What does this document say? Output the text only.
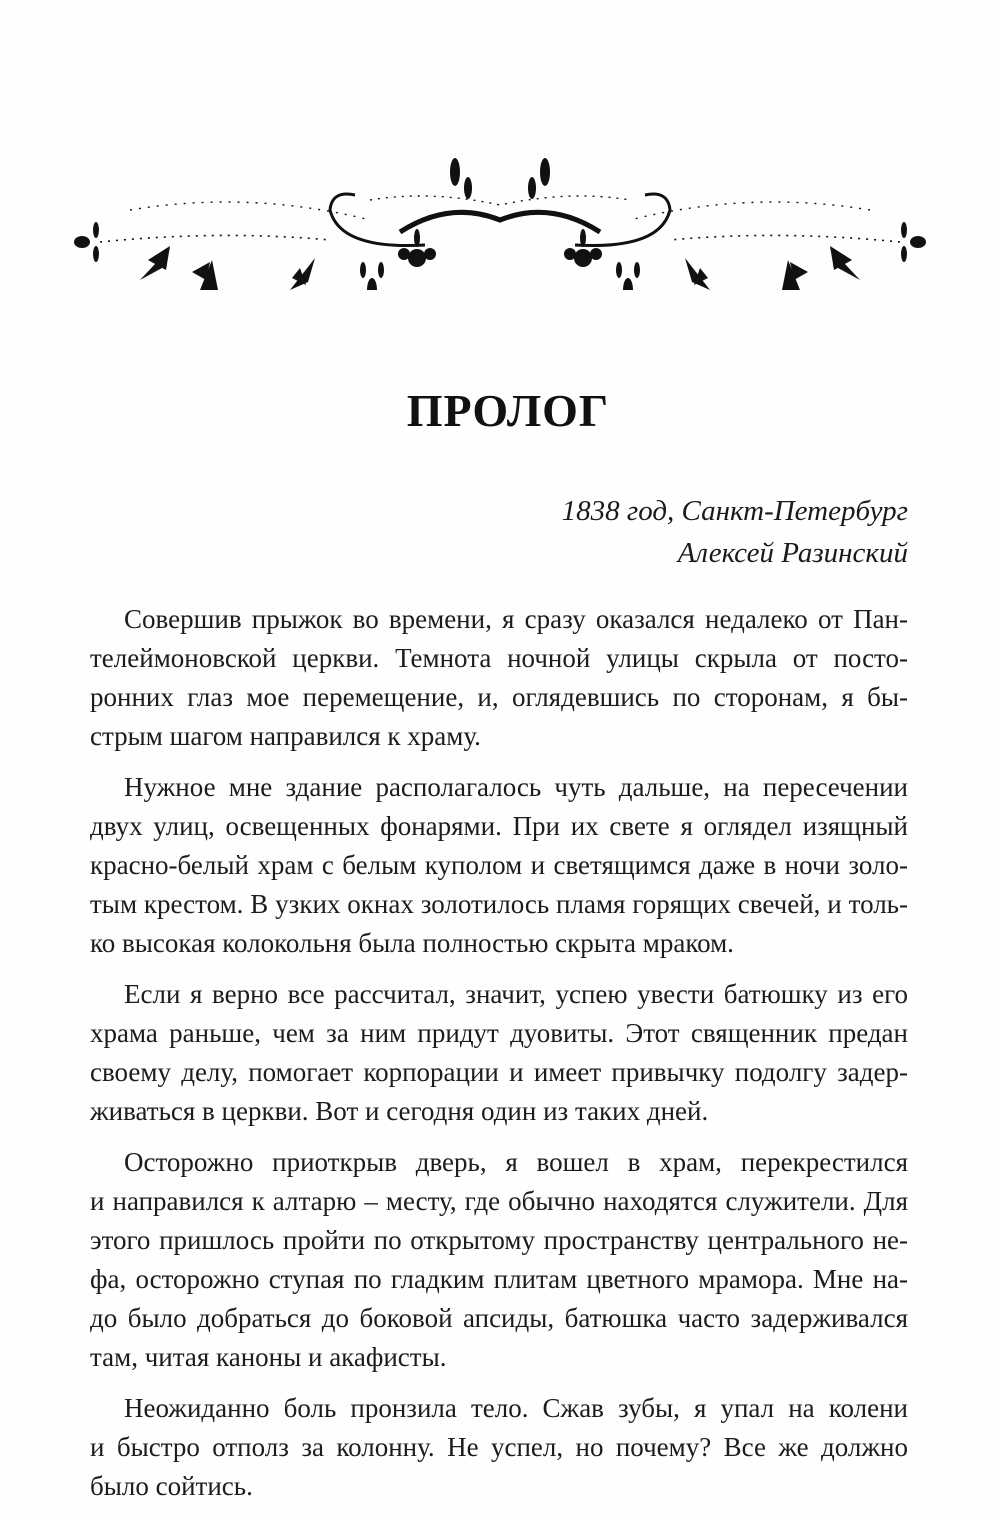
ПРОЛОГ
1838 год, Санкт-Петербург
Алексей Разинский
Совершив прыжок во времени, я сразу оказался недалеко от Пан-
телеймоновской церкви. Темнота ночной улицы скрыла от посто-
ронних глаз мое перемещение, и, оглядевшись по сторонам, я бы-
стрым шагом направился к храму.
Нужное мне здание располагалось чуть дальше, на пересечении
двух улиц, освещенных фонарями. При их свете я оглядел изящный
красно-белый храм с белым куполом и светящимся даже в ночи золо-
тым крестом. В узких окнах золотилось пламя горящих свечей, и толь-
ко высокая колокольня была полностью скрыта мраком.
Если я верно все рассчитал, значит, успею увести батюшку из его
храма раньше, чем за ним придут дуовиты. Этот священник предан
своему делу, помогает корпорации и имеет привычку подолгу задер-
живаться в церкви. Вот и сегодня один из таких дней.
Осторожно приоткрыв дверь, я вошел в храм, перекрестился
и направился к алтарю – месту, где обычно находятся служители. Для
этого пришлось пройти по открытому пространству центрального не-
фа, осторожно ступая по гладким плитам цветного мрамора. Мне на-
до было добраться до боковой апсиды, батюшка часто задерживался
там, читая каноны и акафисты.
Неожиданно боль пронзила тело. Сжав зубы, я упал на колени
и быстро отполз за колонну. Не успел, но почему? Все же должно
было сойтись.
